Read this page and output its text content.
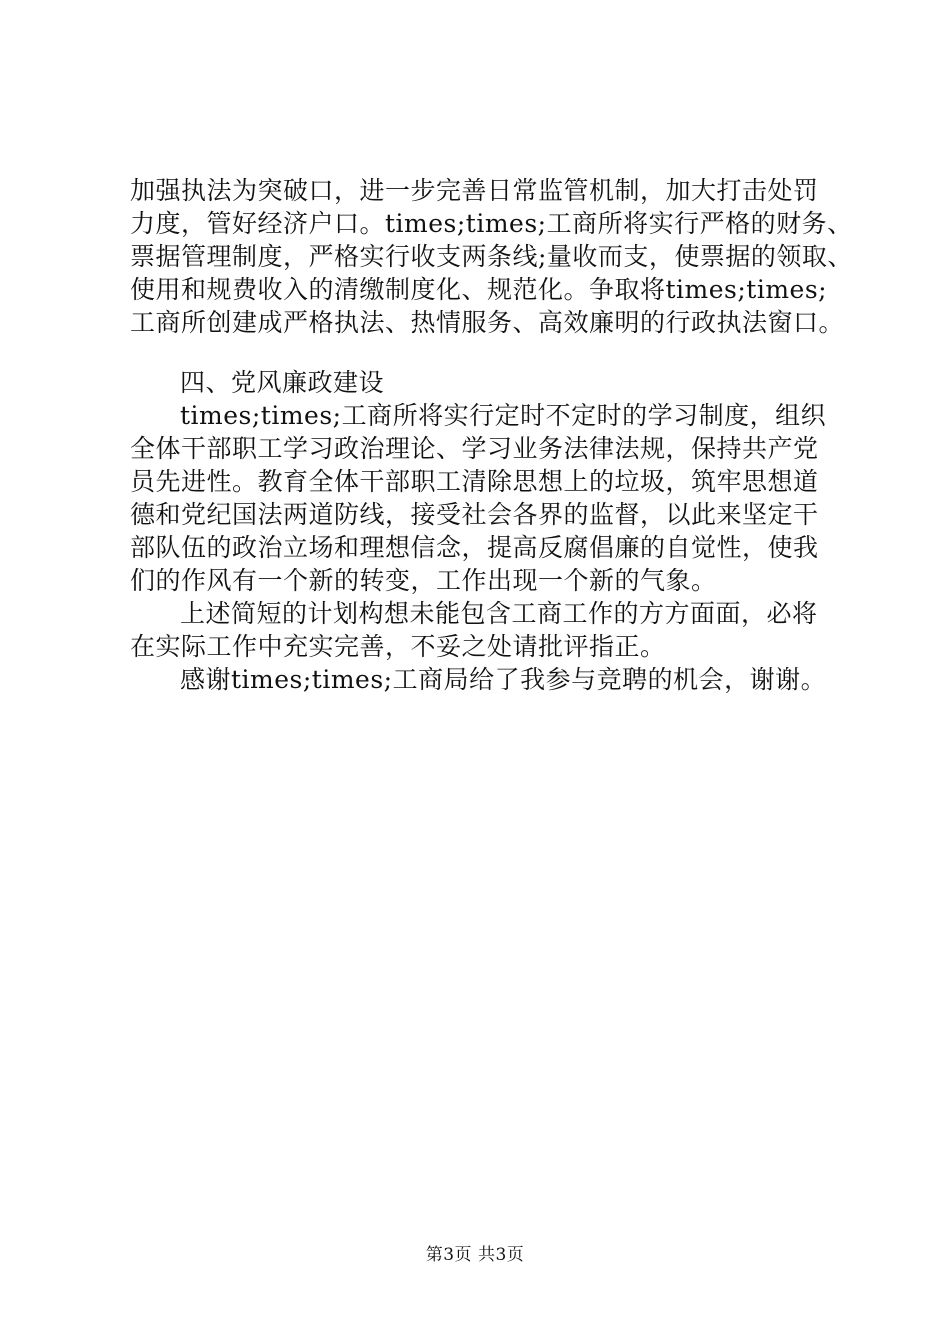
加强执法为突破口，进一步完善日常监管机制，加大打击处罚
力度，管好经济户口。times;times;工商所将实行严格的财务、
票据管理制度，严格实行收支两条线;量收而支，使票据的领取、
使用和规费收入的清缴制度化、规范化。争取将times;times;
工商所创建成严格执法、热情服务、高效廉明的行政执法窗口。
四、党风廉政建设
times;times;工商所将实行定时不定时的学习制度，组织
全体干部职工学习政治理论、学习业务法律法规，保持共产党
员先进性。教育全体干部职工清除思想上的垃圾，筑牢思想道
德和党纪国法两道防线，接受社会各界的监督，以此来坚定干
部队伍的政治立场和理想信念，提高反腐倡廉的自觉性，使我
们的作风有一个新的转变，工作出现一个新的气象。
上述简短的计划构想未能包含工商工作的方方面面，必将
在实际工作中充实完善，不妥之处请批评指正。
感谢times;times;工商局给了我参与竞聘的机会，谢谢。
第3页 共3页
